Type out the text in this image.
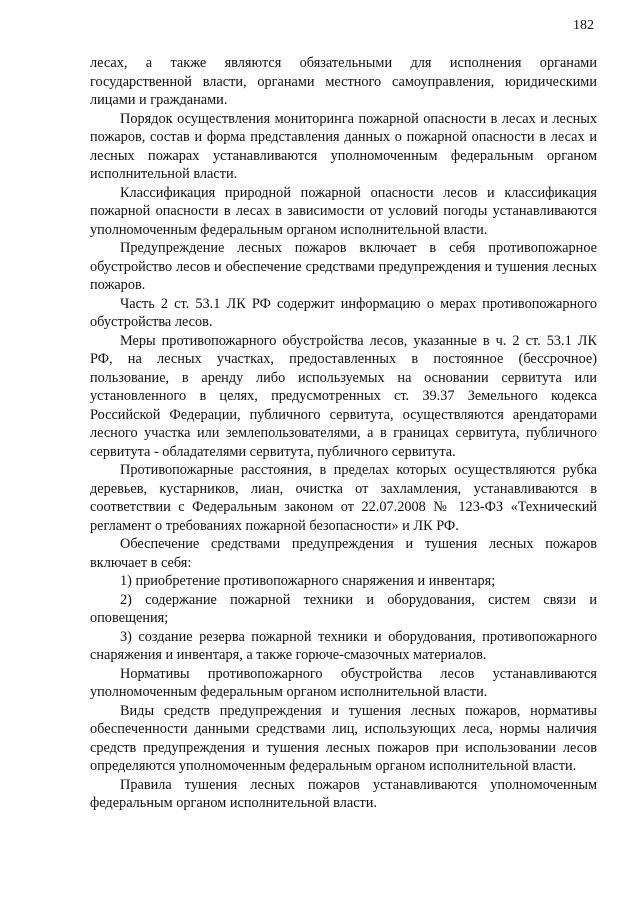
182

лесах, а также являются обязательными для исполнения органами государственной власти, органами местного самоуправления, юридическими лицами и гражданами.

Порядок осуществления мониторинга пожарной опасности в лесах и лесных пожаров, состав и форма представления данных о пожарной опасности в лесах и лесных пожарах устанавливаются уполномоченным федеральным органом исполнительной власти.

Классификация природной пожарной опасности лесов и классификация пожарной опасности в лесах в зависимости от условий погоды устанавливаются уполномоченным федеральным органом исполнительной власти.

Предупреждение лесных пожаров включает в себя противопожарное обустройство лесов и обеспечение средствами предупреждения и тушения лесных пожаров.

Часть 2 ст. 53.1 ЛК РФ содержит информацию о мерах противопожарного обустройства лесов.

Меры противопожарного обустройства лесов, указанные в ч. 2 ст. 53.1 ЛК РФ, на лесных участках, предоставленных в постоянное (бессрочное) пользование, в аренду либо используемых на основании сервитута или установленного в целях, предусмотренных ст. 39.37 Земельного кодекса Российской Федерации, публичного сервитута, осуществляются арендаторами лесного участка или землепользователями, а в границах сервитута, публичного сервитута - обладателями сервитута, публичного сервитута.

Противопожарные расстояния, в пределах которых осуществляются рубка деревьев, кустарников, лиан, очистка от захламления, устанавливаются в соответствии с Федеральным законом от 22.07.2008 № 123-ФЗ «Технический регламент о требованиях пожарной безопасности» и ЛК РФ.

Обеспечение средствами предупреждения и тушения лесных пожаров включает в себя:

1) приобретение противопожарного снаряжения и инвентаря;

2) содержание пожарной техники и оборудования, систем связи и оповещения;

3) создание резерва пожарной техники и оборудования, противопожарного снаряжения и инвентаря, а также горюче-смазочных материалов.

Нормативы противопожарного обустройства лесов устанавливаются уполномоченным федеральным органом исполнительной власти.

Виды средств предупреждения и тушения лесных пожаров, нормативы обеспеченности данными средствами лиц, использующих леса, нормы наличия средств предупреждения и тушения лесных пожаров при использовании лесов определяются уполномоченным федеральным органом исполнительной власти.

Правила тушения лесных пожаров устанавливаются уполномоченным федеральным органом исполнительной власти.
